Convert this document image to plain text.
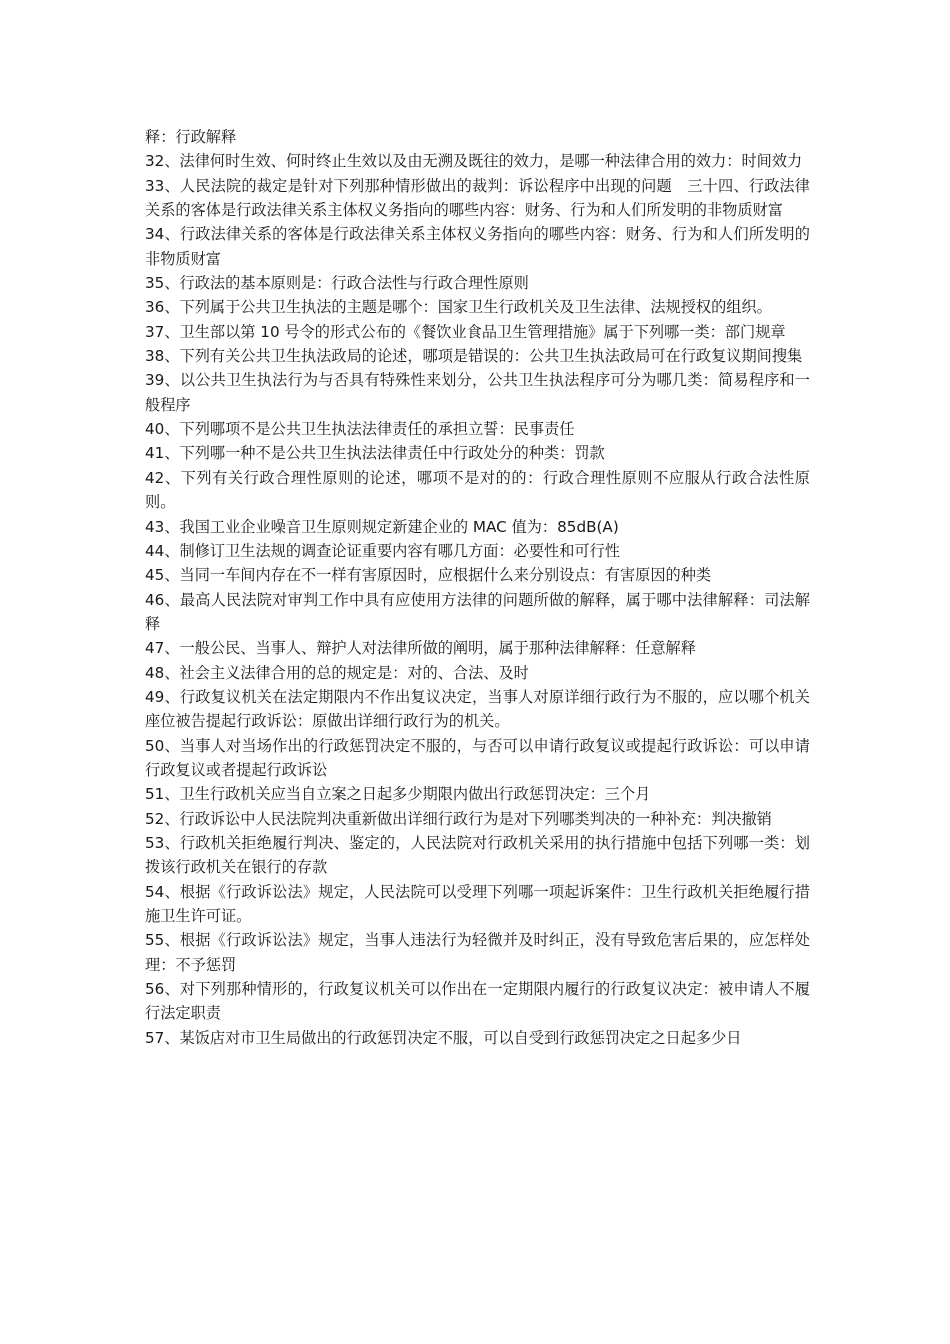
释：行政解释

32、法律何时生效、何时终止生效以及由无溯及既往的效力，是哪一种法律合用的效力：时间效力

33、人民法院的裁定是针对下列那种情形做出的裁判：诉讼程序中出现的问题　三十四、行政法律关系的客体是行政法律关系主体权义务指向的哪些内容：财务、行为和人们所发明的非物质财富

34、行政法律关系的客体是行政法律关系主体权义务指向的哪些内容：财务、行为和人们所发明的非物质财富

35、行政法的基本原则是：行政合法性与行政合理性原则

36、下列属于公共卫生执法的主题是哪个：国家卫生行政机关及卫生法律、法规授权的组织。

37、卫生部以第 10 号令的形式公布的《餐饮业食品卫生管理措施》属于下列哪一类：部门规章

38、下列有关公共卫生执法政局的论述，哪项是错误的：公共卫生执法政局可在行政复议期间搜集

39、以公共卫生执法行为与否具有特殊性来划分，公共卫生执法程序可分为哪几类：简易程序和一般程序

40、下列哪项不是公共卫生执法法律责任的承担立誓：民事责任

41、下列哪一种不是公共卫生执法法律责任中行政处分的种类：罚款

42、下列有关行政合理性原则的论述，哪项不是对的的：行政合理性原则不应服从行政合法性原则。

43、我国工业企业噪音卫生原则规定新建企业的 MAC 值为：85dB(A)

44、制修订卫生法规的调查论证重要内容有哪几方面：必要性和可行性

45、当同一车间内存在不一样有害原因时，应根据什么来分别设点：有害原因的种类

46、最高人民法院对审判工作中具有应使用方法律的问题所做的解释，属于哪中法律解释：司法解释

47、一般公民、当事人、辩护人对法律所做的阐明，属于那种法律解释：任意解释

48、社会主义法律合用的总的规定是：对的、合法、及时

49、行政复议机关在法定期限内不作出复议决定，当事人对原详细行政行为不服的，应以哪个机关座位被告提起行政诉讼：原做出详细行政行为的机关。

50、当事人对当场作出的行政惩罚决定不服的，与否可以申请行政复议或提起行政诉讼：可以申请行政复议或者提起行政诉讼

51、卫生行政机关应当自立案之日起多少期限内做出行政惩罚决定：三个月

52、行政诉讼中人民法院判决重新做出详细行政行为是对下列哪类判决的一种补充：判决撤销

53、行政机关拒绝履行判决、鉴定的，人民法院对行政机关采用的执行措施中包括下列哪一类：划拨该行政机关在银行的存款

54、根据《行政诉讼法》规定，人民法院可以受理下列哪一项起诉案件：卫生行政机关拒绝履行措施卫生许可证。

55、根据《行政诉讼法》规定，当事人违法行为轻微并及时纠正，没有导致危害后果的，应怎样处理：不予惩罚

56、对下列那种情形的，行政复议机关可以作出在一定期限内履行的行政复议决定：被申请人不履行法定职责

57、某饭店对市卫生局做出的行政惩罚决定不服，可以自受到行政惩罚决定之日起多少日
